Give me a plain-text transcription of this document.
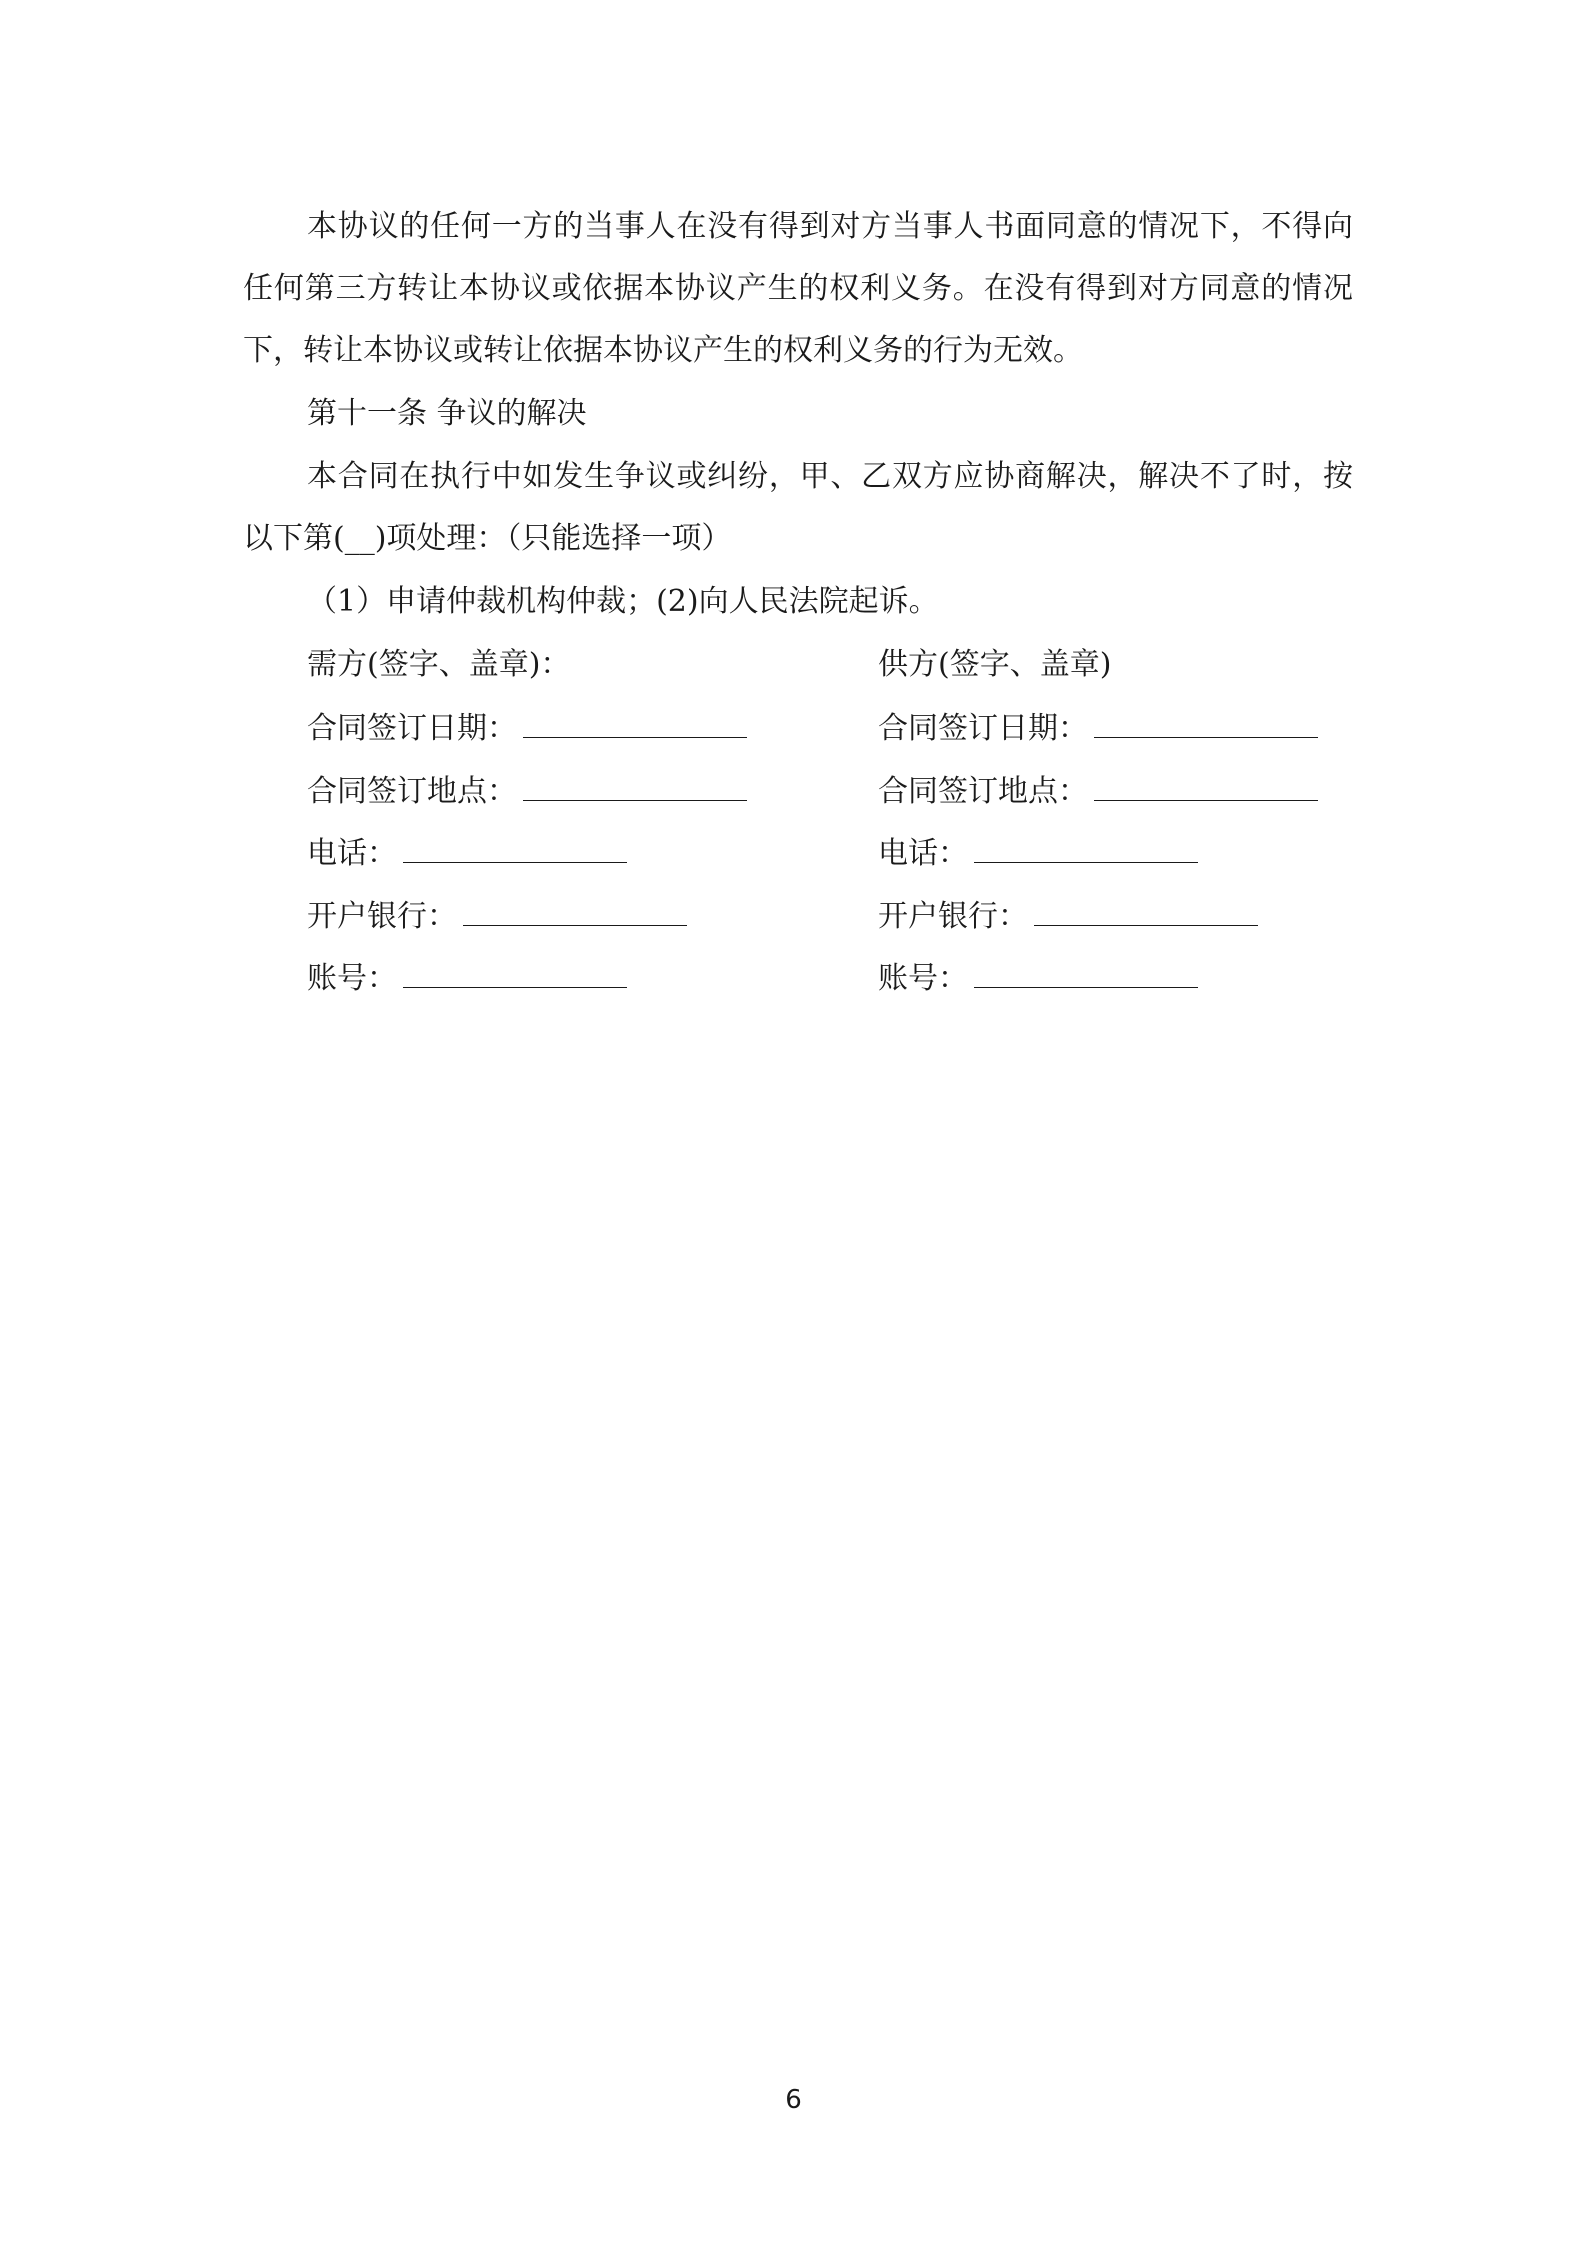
本协议的任何一方的当事人在没有得到对方当事人书面同意的情况下，不得向任何第三方转让本协议或依据本协议产生的权利义务。在没有得到对方同意的情况下，转让本协议或转让依据本协议产生的权利义务的行为无效。

第十一条 争议的解决

本合同在执行中如发生争议或纠纷，甲、乙双方应协商解决，解决不了时，按以下第(__)项处理：（只能选择一项）

（1）申请仲裁机构仲裁；(2)向人民法院起诉。

需方(签字、盖章)：

合同签订日期：

合同签订地点：

电话：

开户银行：

账号：

供方(签字、盖章)

合同签订日期：

合同签订地点：

电话：

开户银行：

账号：

6
